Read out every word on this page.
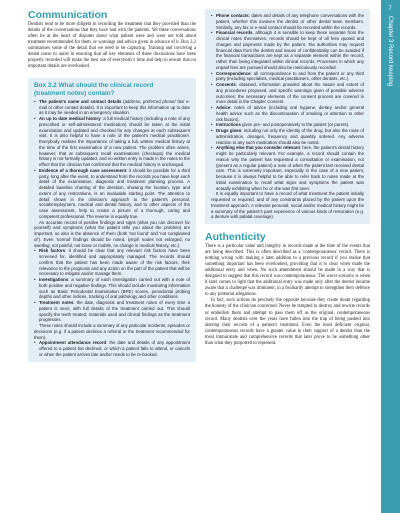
Communication

Dentists tend to be more diligent in recording the treatment that they provided than the details of the conversations that they have had with the patients. Yet these conversations often lie at the heart of disputes about what patient were and were not told about treatment recommended for them, or warnings and advice given in advance of it. Box 3.2 summarises some of the detail that we need to be capturing. Training and involving a dental nurse to assist in ensuring that all key elements of these discussions have been properly recorded will make the best use of everybody's time and help to ensure that no important details are overlooked.

Box 3.2 What should the clinical record
(treatment notes) contain?
• The patient's name and contact details (address, preferred phone/ fax/ e-mail or other contact details). It is important to keep this information up to date as it may be needed in an emergency situation.
• An up to date medical history: a full medical history (including a note of any prescribed or self-administered medication) should be taken at the initial examination and updated and checked for any changes at each subsequent visit. It is also helpful to have a note of the patient's medical practitioner. Everybody realises the importance of taking a full, written medical history at the time of the first examination of a new patient. The problem often arises, however, that at subsequent recall examinations (checkups) the medical history is not formally updated, and no written entry is made in the notes to the effect that the clinician has confirmed that the medical history is unchanged.
• Evidence of a thorough case assessment: it should be possible for a third party, long after the event, to understand from the records you have kept each detail of the examination, diagnosis and treatment planning process. A detailed baseline charting of the dentition, showing the location, type and extent of any restorations, is an invaluable starting point. The attention to detail shown in the clinician's approach to the patient's personal, social/employment, medical and dental history, and to other aspects of the case assessment, help to create a picture of a thorough, caring and competent professional. The reverse is equally true.

An accurate record of positive findings and signs (what you can discover for yourself) and symptoms (what the patient tells you about the problem) are important, so also is the absence of them (both 'not found' and 'not complained of'). Even 'normal' findings should be noted, lymph nodes not enlarged, no swelling, not painful, not loose or mobile, no change in medical history, etc.).

• Risk factors: it should be clear that any relevant risk factors have been screened for, identified and appropriately managed. The records should confirm that the patient has been made aware of the risk factors, their relevance to the prognosis and any action on the part of the patient that will be necessary to mitigate and/or manage them.
• Investigations: a summary of each investigation carried out with a note of both positive and negative findings. This should include monitoring information such as Basic Periodontal Examination (BPE) scores, periodontal probing depths and other indices, tracking of oral pathology and other conditions.
• Treatment notes: the date, diagnosis and treatment notes of every time a patient is seen, with full details of the treatment carried out. This should specify the teeth treated, materials used and clinical findings as the treatment progresses.

These notes should include a summary of any particular incidents, episodes or decisions (e.g. if a patient declines a referral or the treatment recommended for them).

• Appointment attendance record: the date and details of any appointment offered to a patient but declined, or which a patient fails to attend, or cancels or when the patient arrives late and/or needs to be re-booked.
• Phone contacts: dates and details of any telephone conversations with the patient, whether this involves the dentist or other dental team members. Similarly, any fax or e-mail contact should be recorded within the records.
• Financial records, although it is sensible to keep these separate from the clinical notes themselves, records should be kept of all fees quoted and charges and payments made by the patient. Tax authorities may request financial data from the dentist and issues of confidentiality can be avoided if the financial transactions are kept as a separate element within the record, rather than being integrated within clinical records. Processes in which any unpaid fees are pursued should also be meticulously recorded.
• Correspondence: all correspondence to and from the patient or any third party (including specialists, medical practitioners, other dentists, etc.).
• Consents: obtained, information provided about the nature and extent of any procedures proposed, and specific warnings given of possible adverse outcomes: the necessary elements of the consent process are covered in more detail in the Chapter Consent.
• Advice: notes of advice (including oral hygiene, dietary and/or general health advice such as the discontinuation of smoking or attention to other risk factors).
• Instructions given pre- and postoperatively to the patient (or parent).
• Drugs given: including not only the identity of the drug, but also the route of administration, dosages, frequency and quantity ordered. Any adverse reaction to any such medication should also be noted.
• Anything else that you consider relevant: here, the patient's dental history might be particularly relevant. For example, a record should contain the reason why the patient has requested a consultation or examination, not (present as a regular patient) a note of when the patient last received dental care. This is extremely important, especially in the case of a new patient, because it is always helpful to be able to refer back to notes made at the initial examination to recall what signs and symptoms the patient was actually exhibiting when he or she was first seen.

It is equally important to have a record of what treatment the patient initially requested or required, and of any constraints placed by the patient upon the treatment approach. A relevant personal, social and/or medical history might be a summary of the patient's past experience of various kinds of restoration (e.g. a denture with palatal coverage).

Authenticity

There is a particular value and integrity in records made at the time of the events that are being described. This is often described as a 'contemporaneous' record. There is nothing wrong with making a later addition to a previous record if you realise that something important has been overlooked, providing that it is clear when made the additional entry and when. No such amendment should be made in a way that is designed to suggest that this record was contemporaneous. The worst scenario is when it later comes to light that the additional entry was made only after the dentist became aware that a challenge was imminent, in a foolhardy attempt to strengthen their defence to any potential allegations.

In fact, such actions do precisely the opposite because they create doubt regarding the honesty of the clinician concerned. Never be tempted to destroy and rewrite records or embellish them and attempt to pass them off as the original, contemporaneous record. Many dentists over the years have fallen into the trap of being pushed into altering their records of a patient's treatment. Even the most deficient original, contemporaneous records have a greater value in their support of a dentist than the most immaculate and comprehensive records that later prove to be something other than what they purported to represent.

7
Chapter 3 Record keeping
